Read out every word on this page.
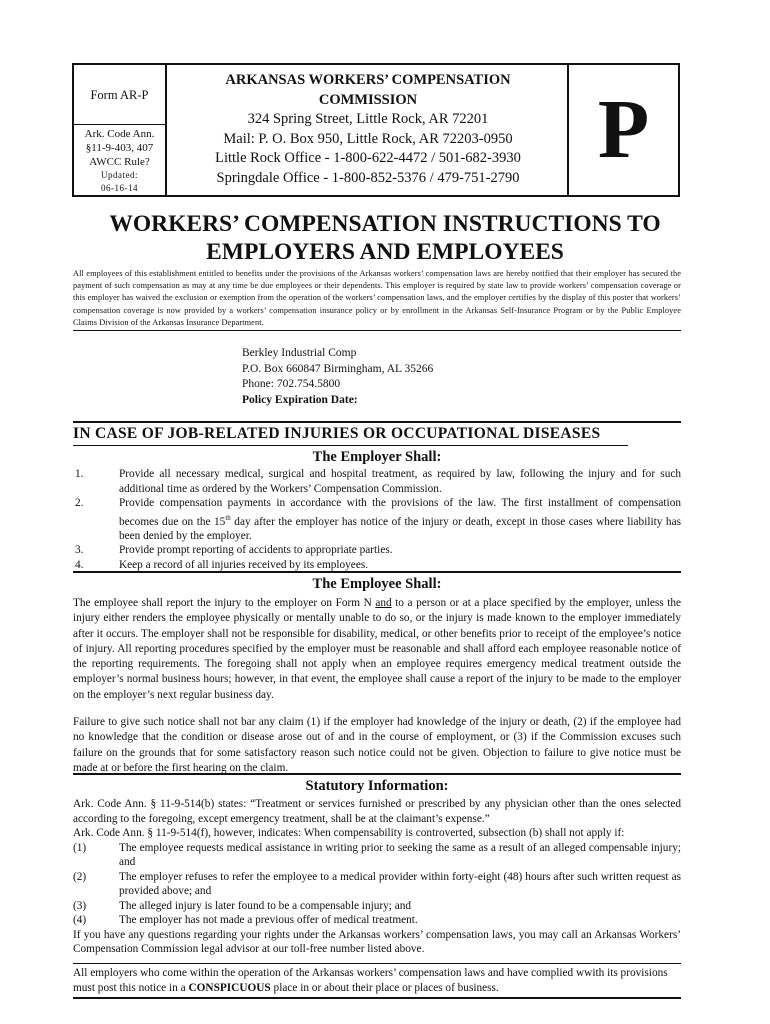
Form AR-P
Ark. Code Ann.
§11-9-403, 407
AWCC Rule?
Updated:
06-16-14
ARKANSAS WORKERS’ COMPENSATION
COMMISSION
324 Spring Street, Little Rock, AR 72201
Mail: P. O. Box 950, Little Rock, AR 72203-0950
Little Rock Office - 1-800-622-4472 / 501-682-3930
Springdale Office - 1-800-852-5376 / 479-751-2790
P
WORKERS’ COMPENSATION INSTRUCTIONS TO
EMPLOYERS AND EMPLOYEES
All employees of this establishment entitled to benefits under the provisions of the Arkansas workers’ compensation laws are hereby notified that their employer has secured the payment of such compensation as may at any time be due employees or their dependents. This employer is required by state law to provide workers’ compensation coverage or this employer has waived the exclusion or exemption from the operation of the workers’ compensation laws, and the employer certifies by the display of this poster that workers’ compensation coverage is now provided by a workers’ compensation insurance policy or by enrollment in the Arkansas Self-Insurance Program or by the Public Employee Claims Division of the Arkansas Insurance Department.
Berkley Industrial Comp
P.O. Box 660847 Birmingham, AL 35266
Phone: 702.754.5800
Policy Expiration Date:
IN CASE OF JOB-RELATED INJURIES OR OCCUPATIONAL DISEASES
The Employer Shall:
1.	Provide all necessary medical, surgical and hospital treatment, as required by law, following the injury and for such additional time as ordered by the Workers’ Compensation Commission.
2.	Provide compensation payments in accordance with the provisions of the law. The first installment of compensation becomes due on the 15th day after the employer has notice of the injury or death, except in those cases where liability has been denied by the employer.
3.	Provide prompt reporting of accidents to appropriate parties.
4.	Keep a record of all injuries received by its employees.
The Employee Shall:
The employee shall report the injury to the employer on Form N and to a person or at a place specified by the employer, unless the injury either renders the employee physically or mentally unable to do so, or the injury is made known to the employer immediately after it occurs. The employer shall not be responsible for disability, medical, or other benefits prior to receipt of the employee’s notice of injury. All reporting procedures specified by the employer must be reasonable and shall afford each employee reasonable notice of the reporting requirements. The foregoing shall not apply when an employee requires emergency medical treatment outside the employer’s normal business hours; however, in that event, the employee shall cause a report of the injury to be made to the employer on the employer’s next regular business day.
Failure to give such notice shall not bar any claim (1) if the employer had knowledge of the injury or death, (2) if the employee had no knowledge that the condition or disease arose out of and in the course of employment, or (3) if the Commission excuses such failure on the grounds that for some satisfactory reason such notice could not be given. Objection to failure to give notice must be made at or before the first hearing on the claim.
Statutory Information:
Ark. Code Ann. § 11-9-514(b) states: “Treatment or services furnished or prescribed by any physician other than the ones selected according to the foregoing, except emergency treatment, shall be at the claimant’s expense.”
Ark. Code Ann. § 11-9-514(f), however, indicates: When compensability is controverted, subsection (b) shall not apply if:
(1)	The employee requests medical assistance in writing prior to seeking the same as a result of an alleged compensable injury; and
(2)	The employer refuses to refer the employee to a medical provider within forty-eight (48) hours after such written request as provided above; and
(3)	The alleged injury is later found to be a compensable injury; and
(4)	The employer has not made a previous offer of medical treatment.
If you have any questions regarding your rights under the Arkansas workers’ compensation laws, you may call an Arkansas Workers’ Compensation Commission legal advisor at our toll-free number listed above.
All employers who come within the operation of the Arkansas workers’ compensation laws and have complied wwith its provisions must post this notice in a CONSPICUOUS place in or about their place or places of business.
